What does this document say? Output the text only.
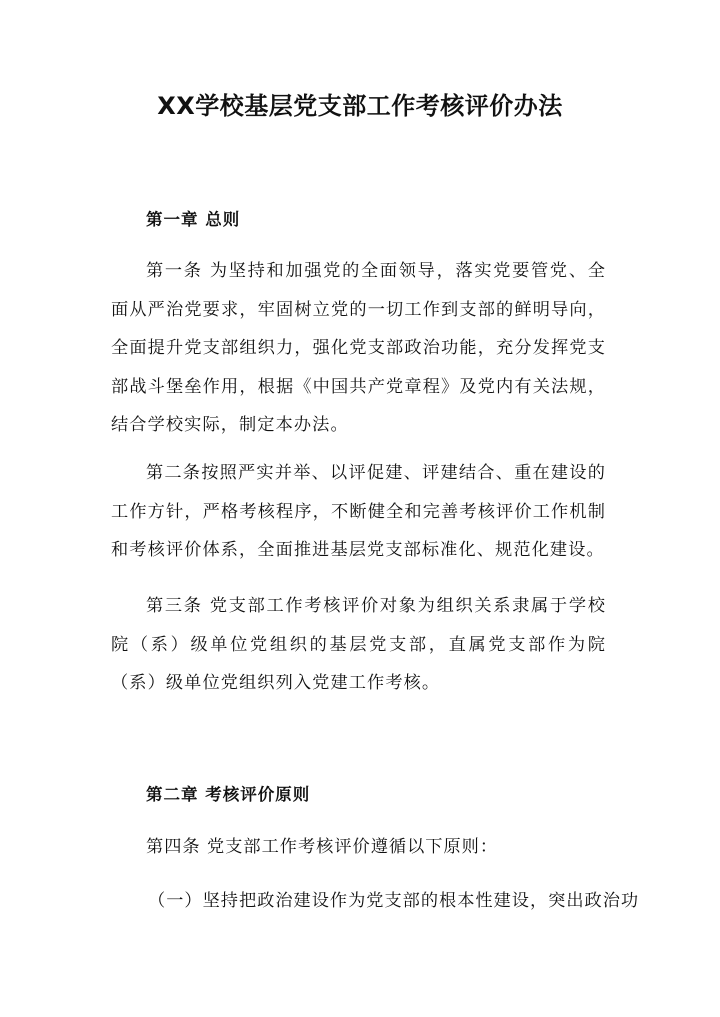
XX学校基层党支部工作考核评价办法
第一章 总则

第一条 为坚持和加强党的全面领导，落实党要管党、全面从严治党要求，牢固树立党的一切工作到支部的鲜明导向，全面提升党支部组织力，强化党支部政治功能，充分发挥党支部战斗堡垒作用，根据《中国共产党章程》及党内有关法规，结合学校实际，制定本办法。

第二条按照严实并举、以评促建、评建结合、重在建设的工作方针，严格考核程序，不断健全和完善考核评价工作机制和考核评价体系，全面推进基层党支部标准化、规范化建设。

第三条 党支部工作考核评价对象为组织关系隶属于学校院（系）级单位党组织的基层党支部，直属党支部作为院（系）级单位党组织列入党建工作考核。

第二章 考核评价原则
第四条 党支部工作考核评价遵循以下原则：
（一）坚持把政治建设作为党支部的根本性建设，突出政治功
